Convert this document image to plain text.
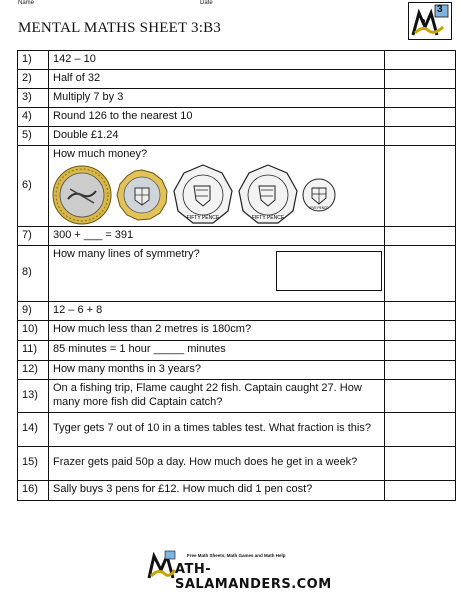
Name	Date
MENTAL MATHS SHEET 3:B3
3
1)	142 – 10	
2)	Half of 32	
3)	Multiply 7 by 3	
4)	Round 126 to the nearest 10	
5)	Double £1.24	
6)	How much money?
FIFTY PENCE FIFTY PENCE
FIVE PENCE	

7)	300 + ___ = 391	
8)	How many lines of symmetry?	

9)	12 – 6 + 8	
10)	How much less than 2 metres is 180cm?	
11)	85 minutes = 1 hour _____ minutes	
12)	How many months in 3 years?	
13)	On a fishing trip, Flame caught 22 fish. Captain caught 27. How many more fish did Captain catch?	
14)	Tyger gets 7 out of 10 in a times tables test. What fraction is this?	
15)	Frazer gets paid 50p a day. How much does he get in a week?	
16)	Sally buys 3 pens for £12. How much did 1 pen cost?	
Free Math Sheets, Math Games and Math Help
ATH-SALAMANDERS.COM
